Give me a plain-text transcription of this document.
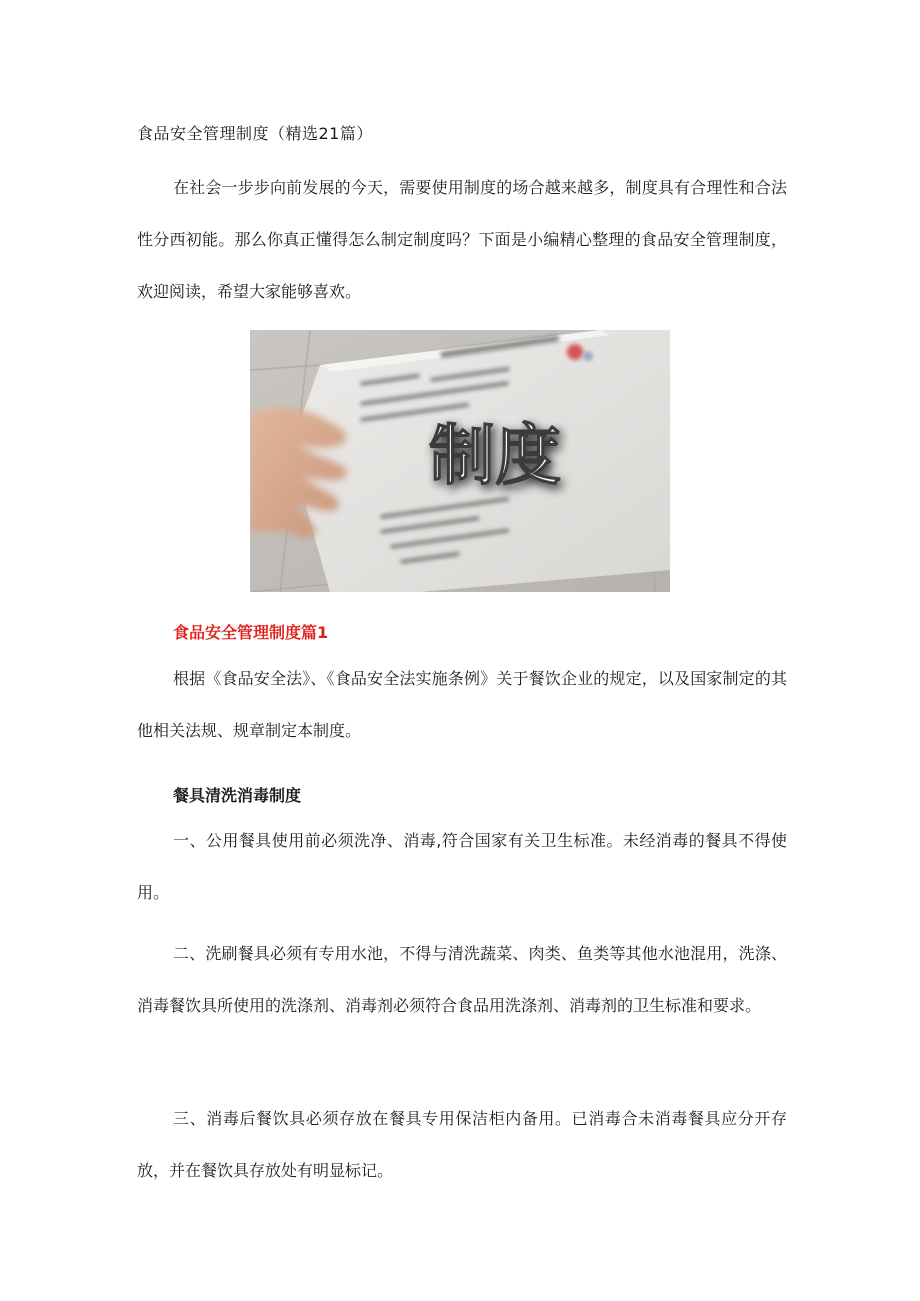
食品安全管理制度（精选21篇）

在社会一步步向前发展的今天，需要使用制度的场合越来越多，制度具有合理性和合法性分西初能。那么你真正懂得怎么制定制度吗？下面是小编精心整理的食品安全管理制度，欢迎阅读，希望大家能够喜欢。

制度
食品安全管理制度篇1

根据《食品安全法》、《食品安全法实施条例》关于餐饮企业的规定，以及国家制定的其他相关法规、规章制定本制度。

餐具清洗消毒制度

一、公用餐具使用前必须洗净、消毒,符合国家有关卫生标准。未经消毒的餐具不得使用。

二、洗刷餐具必须有专用水池，不得与清洗蔬菜、肉类、鱼类等其他水池混用，洗涤、消毒餐饮具所使用的洗涤剂、消毒剂必须符合食品用洗涤剂、消毒剂的卫生标准和要求。

三、消毒后餐饮具必须存放在餐具专用保洁柜内备用。已消毒合未消毒餐具应分开存放，并在餐饮具存放处有明显标记。
